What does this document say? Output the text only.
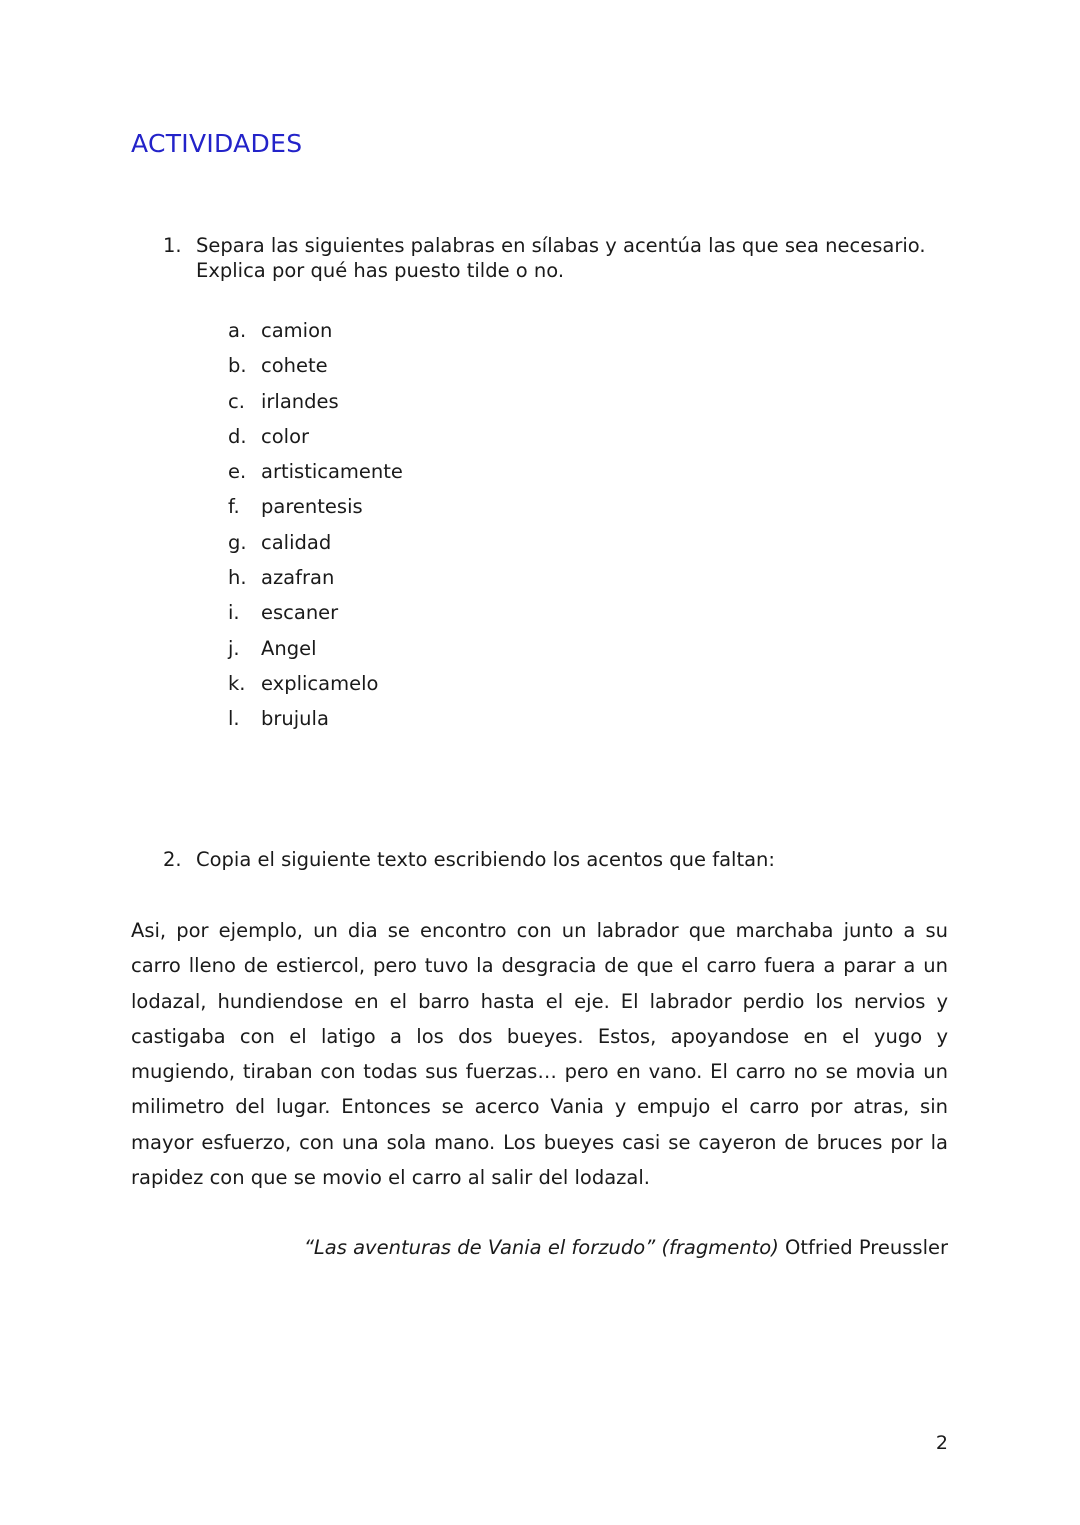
ACTIVIDADES
1. Separa las siguientes palabras en sílabas y acentúa las que sea necesario.
Explica por qué has puesto tilde o no.
a. camion
b. cohete
c. irlandes
d. color
e. artisticamente
f. parentesis
g. calidad
h. azafran
i. escaner
j. Angel
k. explicamelo
l. brujula
2. Copia el siguiente texto escribiendo los acentos que faltan:

Asi, por ejemplo, un dia se encontro con un labrador que marchaba junto a su carro lleno de estiercol, pero tuvo la desgracia de que el carro fuera a parar a un lodazal, hundiendose en el barro hasta el eje. El labrador perdio los nervios y castigaba con el latigo a los dos bueyes. Estos, apoyandose en el yugo y mugiendo, tiraban con todas sus fuerzas… pero en vano. El carro no se movia un milimetro del lugar. Entonces se acerco Vania y empujo el carro por atras, sin mayor esfuerzo, con una sola mano. Los bueyes casi se cayeron de bruces por la rapidez con que se movio el carro al salir del lodazal.

“Las aventuras de Vania el forzudo” (fragmento) Otfried Preussler
2
